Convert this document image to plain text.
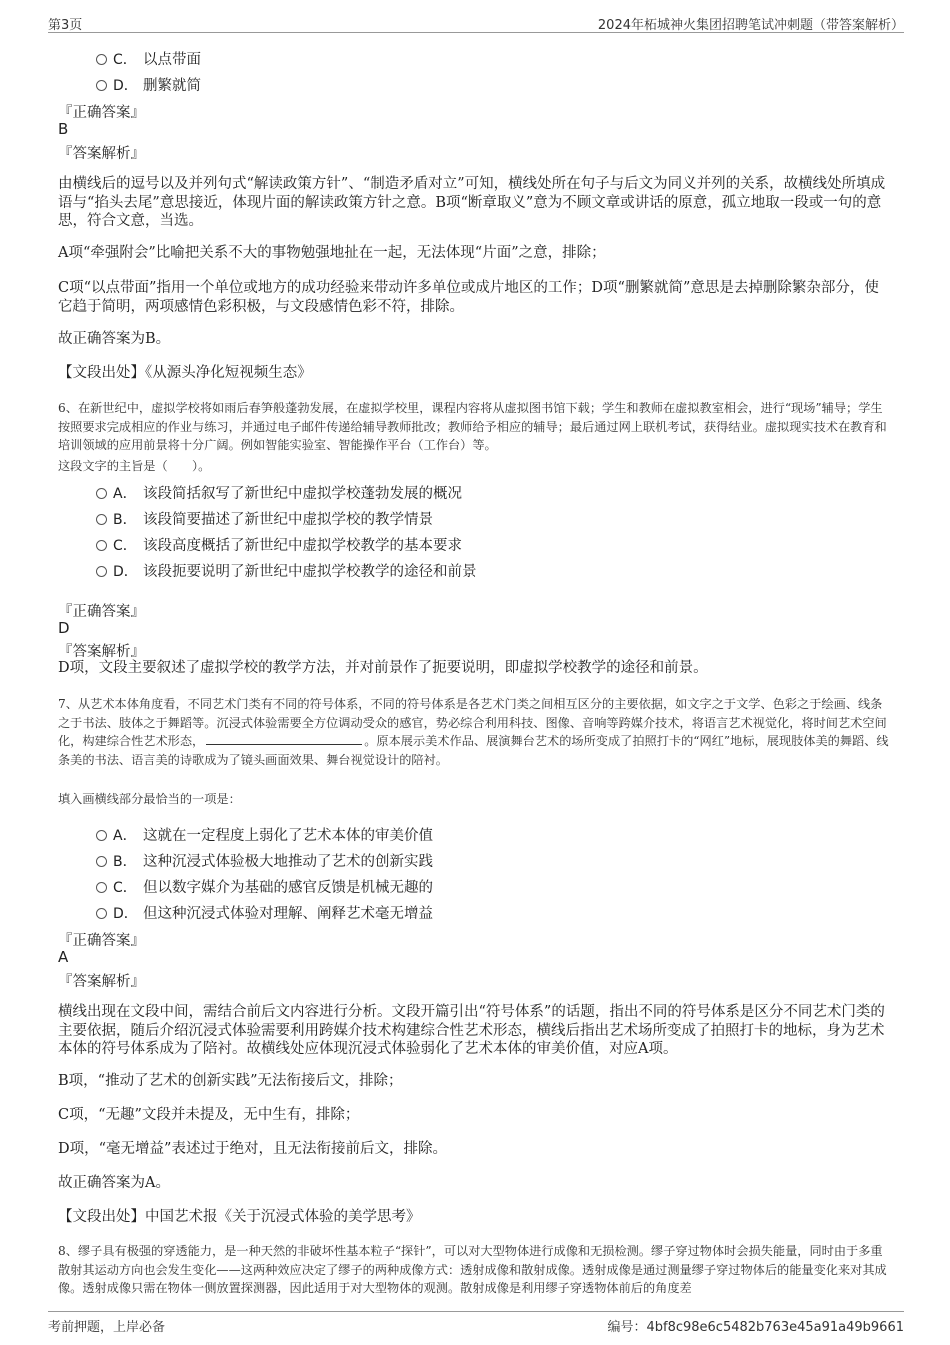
第3页	2024年柘城神火集团招聘笔试冲刺题（带答案解析）
C． 以点带面
D． 删繁就简
『正确答案』
B
『答案解析』
由横线后的逗号以及并列句式“解读政策方针”、“制造矛盾对立”可知，横线处所在句子与后文为同义并列的关系，故横线处所填成语与“掐头去尾”意思接近，体现片面的解读政策方针之意。B项“断章取义”意为不顾文章或讲话的原意，孤立地取一段或一句的意思，符合文意，当选。
A项“牵强附会”比喻把关系不大的事物勉强地扯在一起，无法体现“片面”之意，排除；
C项“以点带面”指用一个单位或地方的成功经验来带动许多单位或成片地区的工作；D项“删繁就简”意思是去掉删除繁杂部分，使它趋于简明，两项感情色彩积极，与文段感情色彩不符，排除。
故正确答案为B。
【文段出处】《从源头净化短视频生态》
6、在新世纪中，虚拟学校将如雨后春笋般蓬勃发展，在虚拟学校里，课程内容将从虚拟图书馆下载；学生和教师在虚拟教室相会，进行“现场”辅导；学生按照要求完成相应的作业与练习，并通过电子邮件传递给辅导教师批改；教师给予相应的辅导；最后通过网上联机考试，获得结业。虚拟现实技术在教育和培训领域的应用前景将十分广阔。例如智能实验室、智能操作平台（工作台）等。
这段文字的主旨是（　　）。
A． 该段简括叙写了新世纪中虚拟学校蓬勃发展的概况
B． 该段简要描述了新世纪中虚拟学校的教学情景
C． 该段高度概括了新世纪中虚拟学校教学的基本要求
D． 该段扼要说明了新世纪中虚拟学校教学的途径和前景
『正确答案』
D
『答案解析』
D项，文段主要叙述了虚拟学校的教学方法，并对前景作了扼要说明，即虚拟学校教学的途径和前景。
7、从艺术本体角度看，不同艺术门类有不同的符号体系，不同的符号体系是各艺术门类之间相互区分的主要依据，如文字之于文学、色彩之于绘画、线条之于书法、肢体之于舞蹈等。沉浸式体验需要全方位调动受众的感官，势必综合利用科技、图像、音响等跨媒介技术，将语言艺术视觉化，将时间艺术空间化，构建综合性艺术形态，	。原本展示美术作品、展演舞台艺术的场所变成了拍照打卡的“网红”地标，展现肢体美的舞蹈、线条美的书法、语言美的诗歌成为了镜头画面效果、舞台视觉设计的陪衬。
填入画横线部分最恰当的一项是：
A． 这就在一定程度上弱化了艺术本体的审美价值
B． 这种沉浸式体验极大地推动了艺术的创新实践
C． 但以数字媒介为基础的感官反馈是机械无趣的
D． 但这种沉浸式体验对理解、阐释艺术毫无增益
『正确答案』
A
『答案解析』
横线出现在文段中间，需结合前后文内容进行分析。文段开篇引出“符号体系”的话题，指出不同的符号体系是区分不同艺术门类的主要依据，随后介绍沉浸式体验需要利用跨媒介技术构建综合性艺术形态，横线后指出艺术场所变成了拍照打卡的地标，身为艺术本体的符号体系成为了陪衬。故横线处应体现沉浸式体验弱化了艺术本体的审美价值，对应A项。
B项，“推动了艺术的创新实践”无法衔接后文，排除；
C项，“无趣”文段并未提及，无中生有，排除；
D项，“毫无增益”表述过于绝对，且无法衔接前后文，排除。
故正确答案为A。
【文段出处】中国艺术报《关于沉浸式体验的美学思考》
8、缪子具有极强的穿透能力，是一种天然的非破坏性基本粒子“探针”，可以对大型物体进行成像和无损检测。缪子穿过物体时会损失能量，同时由于多重散射其运动方向也会发生变化——这两种效应决定了缪子的两种成像方式：透射成像和散射成像。透射成像是通过测量缪子穿过物体后的能量变化来对其成像。透射成像只需在物体一侧放置探测器，因此适用于对大型物体的观测。散射成像是利用缪子穿透物体前后的角度差
考前押题，上岸必备	编号：4bf8c98e6c5482b763e45a91a49b9661
